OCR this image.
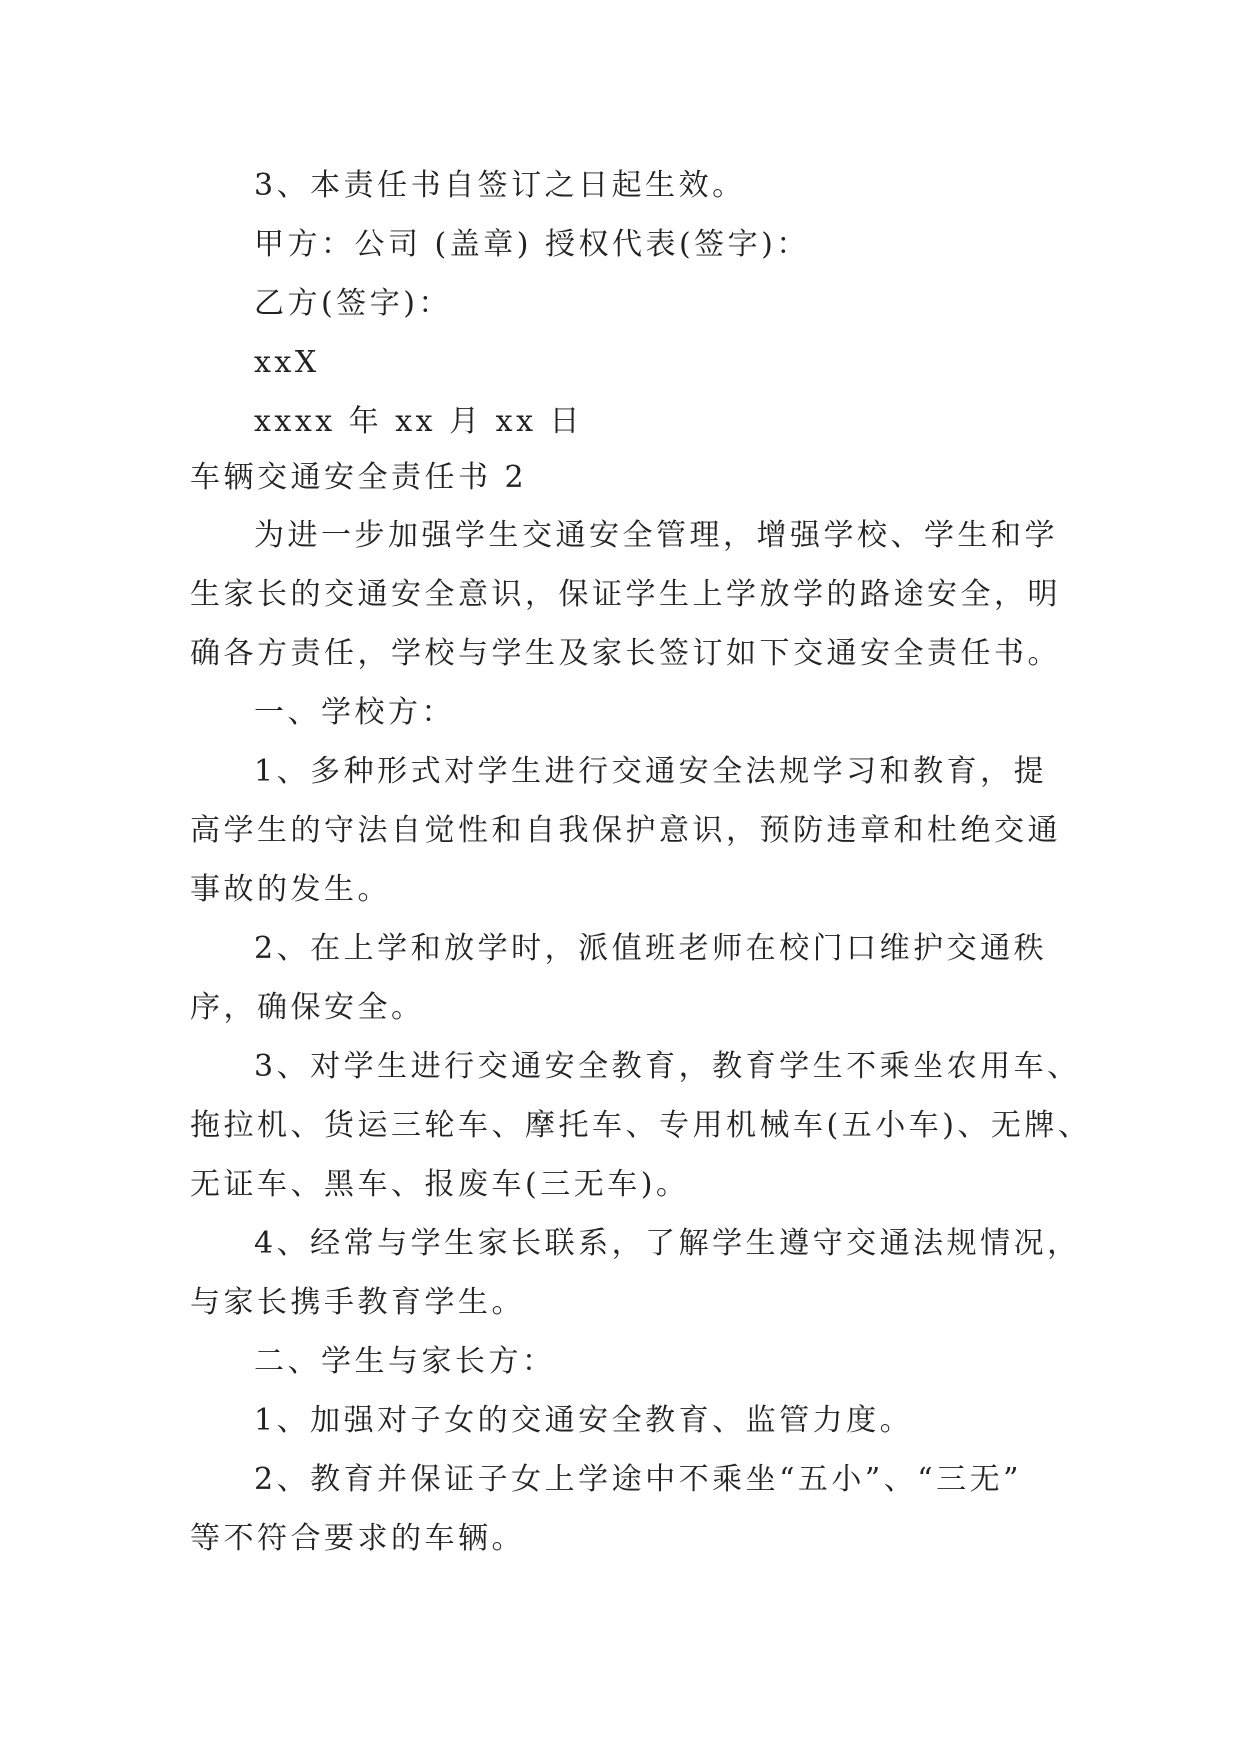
3、本责任书自签订之日起生效。
甲方：公司 (盖章) 授权代表(签字)：
乙方(签字)：
xxX
xxxx 年 xx 月 xx 日
车辆交通安全责任书 2
为进一步加强学生交通安全管理，增强学校、学生和学
生家长的交通安全意识，保证学生上学放学的路途安全，明
确各方责任，学校与学生及家长签订如下交通安全责任书。
一、学校方：
1、多种形式对学生进行交通安全法规学习和教育，提
高学生的守法自觉性和自我保护意识，预防违章和杜绝交通
事故的发生。
2、在上学和放学时，派值班老师在校门口维护交通秩
序，确保安全。
3、对学生进行交通安全教育，教育学生不乘坐农用车、
拖拉机、货运三轮车、摩托车、专用机械车(五小车)、无牌、
无证车、黑车、报废车(三无车)。
4、经常与学生家长联系，了解学生遵守交通法规情况，
与家长携手教育学生。
二、学生与家长方：
1、加强对子女的交通安全教育、监管力度。
2、教育并保证子女上学途中不乘坐“五小”、“三无”
等不符合要求的车辆。
